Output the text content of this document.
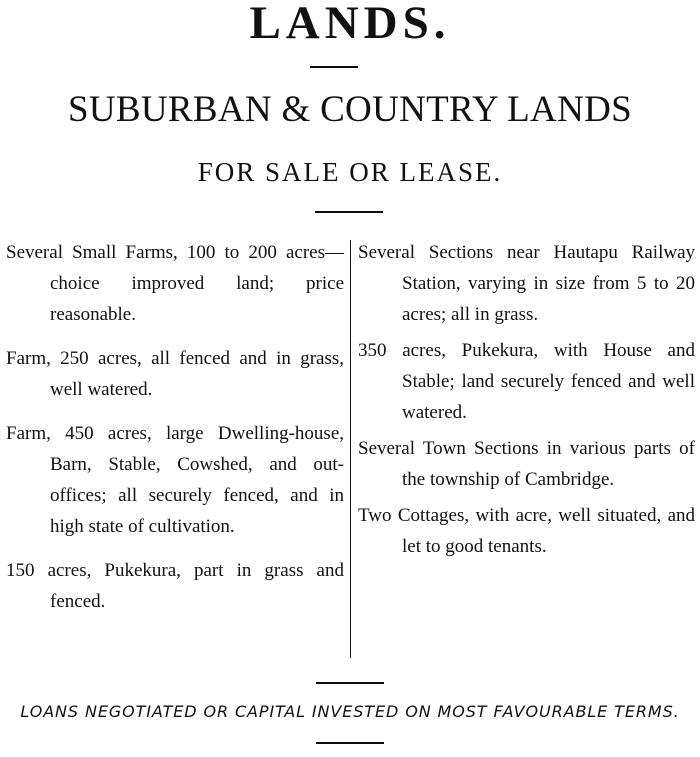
LANDS.
SUBURBAN & COUNTRY LANDS
FOR SALE OR LEASE.

Several Small Farms, 100 to 200 acres—choice improved land; price reasonable.

Farm, 250 acres, all fenced and in grass, well watered.

Farm, 450 acres, large Dwelling-house, Barn, Stable, Cowshed, and out-offices; all securely fenced, and in high state of cultivation.

150 acres, Pukekura, part in grass and fenced.

Several Sections near Hautapu Railway Station, varying in size from 5 to 20 acres; all in grass.

350 acres, Pukekura, with House and Stable; land securely fenced and well watered.

Several Town Sections in various parts of the township of Cambridge.

Two Cottages, with acre, well situated, and let to good tenants.

LOANS NEGOTIATED OR CAPITAL INVESTED ON MOST FAVOURABLE TERMS.
